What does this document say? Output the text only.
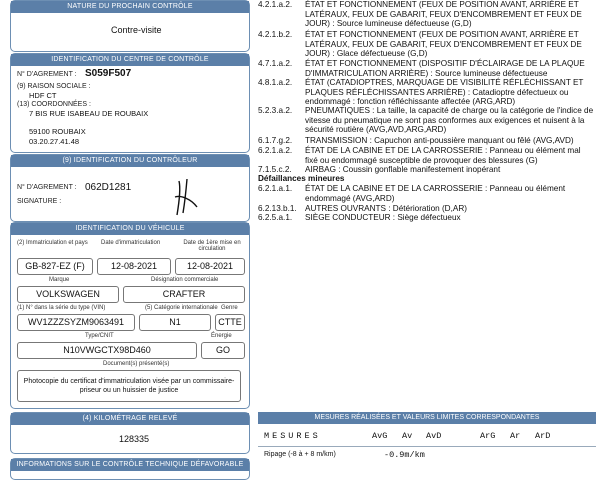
NATURE DU PROCHAIN CONTRÔLE
Contre-visite
IDENTIFICATION DU CENTRE DE CONTRÔLE
N° D'AGREMENT : S059F507
(9) RAISON SOCIALE :
HDF CT
(13) COORDONNÉES :
7 BIS RUE ISABEAU DE ROUBAIX
59100 ROUBAIX
03.20.27.41.48
(9) IDENTIFICATION DU CONTRÔLEUR
N° D'AGREMENT : 062D1281
SIGNATURE :
IDENTIFICATION DU VÉHICULE
(2) Immatriculation et pays Date d'immatriculation	Date de 1ère mise en circulation
GB-827-EZ (F)	12-08-2021	12-08-2021
Marque	Désignation commerciale
VOLKSWAGEN	CRAFTER
(1) N° dans la série du type (VIN)	(5) Catégorie internationale Genre
WV1ZZZSYZM9063491	N1	CTTE
Type/CNIT	Énergie
N10VWGCTX98D460	GO
Document(s) présenté(s)
Photocopie du certificat d'immatriculation visée par un commissaire-priseur ou un huissier de justice
(4) KILOMÉTRAGE RELEVÉ
128335
INFORMATIONS SUR LE CONTRÔLE TECHNIQUE DÉFAVORABLE
4.2.1.a.2.	ÉTAT ET FONCTIONNEMENT (FEUX DE POSITION AVANT, ARRIÈRE ET LATÉRAUX, FEUX DE GABARIT, FEUX D'ENCOMBREMENT ET FEUX DE JOUR) : Source lumineuse défectueuse (G,D)
4.2.1.b.2.	ÉTAT ET FONCTIONNEMENT (FEUX DE POSITION AVANT, ARRIÈRE ET LATÉRAUX, FEUX DE GABARIT, FEUX D'ENCOMBREMENT ET FEUX DE JOUR) : Glace défectueuse (G,D)
4.7.1.a.2.	ÉTAT ET FONCTIONNEMENT (DISPOSITIF D'ÉCLAIRAGE DE LA PLAQUE D'IMMATRICULATION ARRIÈRE) : Source lumineuse défectueuse
4.8.1.a.2.	ÉTAT (CATADIOPTRES, MARQUAGE DE VISIBILITÉ RÉFLÉCHISSANT ET PLAQUES RÉFLÉCHISSANTES ARRIÈRE) : Catadioptre défectueux ou endommagé : fonction réfléchissante affectée (ARG,ARD)
5.2.3.a.2.	PNEUMATIQUES : La taille, la capacité de charge ou la catégorie de l'indice de vitesse du pneumatique ne sont pas conformes aux exigences et nuisent à la sécurité routière (AVG,AVD,ARG,ARD)
6.1.7.g.2.	TRANSMISSION : Capuchon anti-poussière manquant ou fêlé (AVG,AVD)
6.2.1.a.2.	ÉTAT DE LA CABINE ET DE LA CARROSSERIE : Panneau ou élément mal fixé ou endommagé susceptible de provoquer des blessures (G)
7.1.5.c.2.	AIRBAG : Coussin gonflable manifestement inopérant
Défaillances mineures
6.2.1.a.1.	ÉTAT DE LA CABINE ET DE LA CARROSSERIE : Panneau ou élément endommagé (AVG,ARD)
6.2.13.b.1.	AUTRES OUVRANTS : Détérioration (D,AR)
6.2.5.a.1.	SIÈGE CONDUCTEUR : Siège défectueux
MESURES RÉALISÉES ET VALEURS LIMITES CORRESPONDANTES
MESURES	AvG Av AvD	ArG Ar ArD
Ripage (-8 à + 8 m/km)	-0.9m/km
